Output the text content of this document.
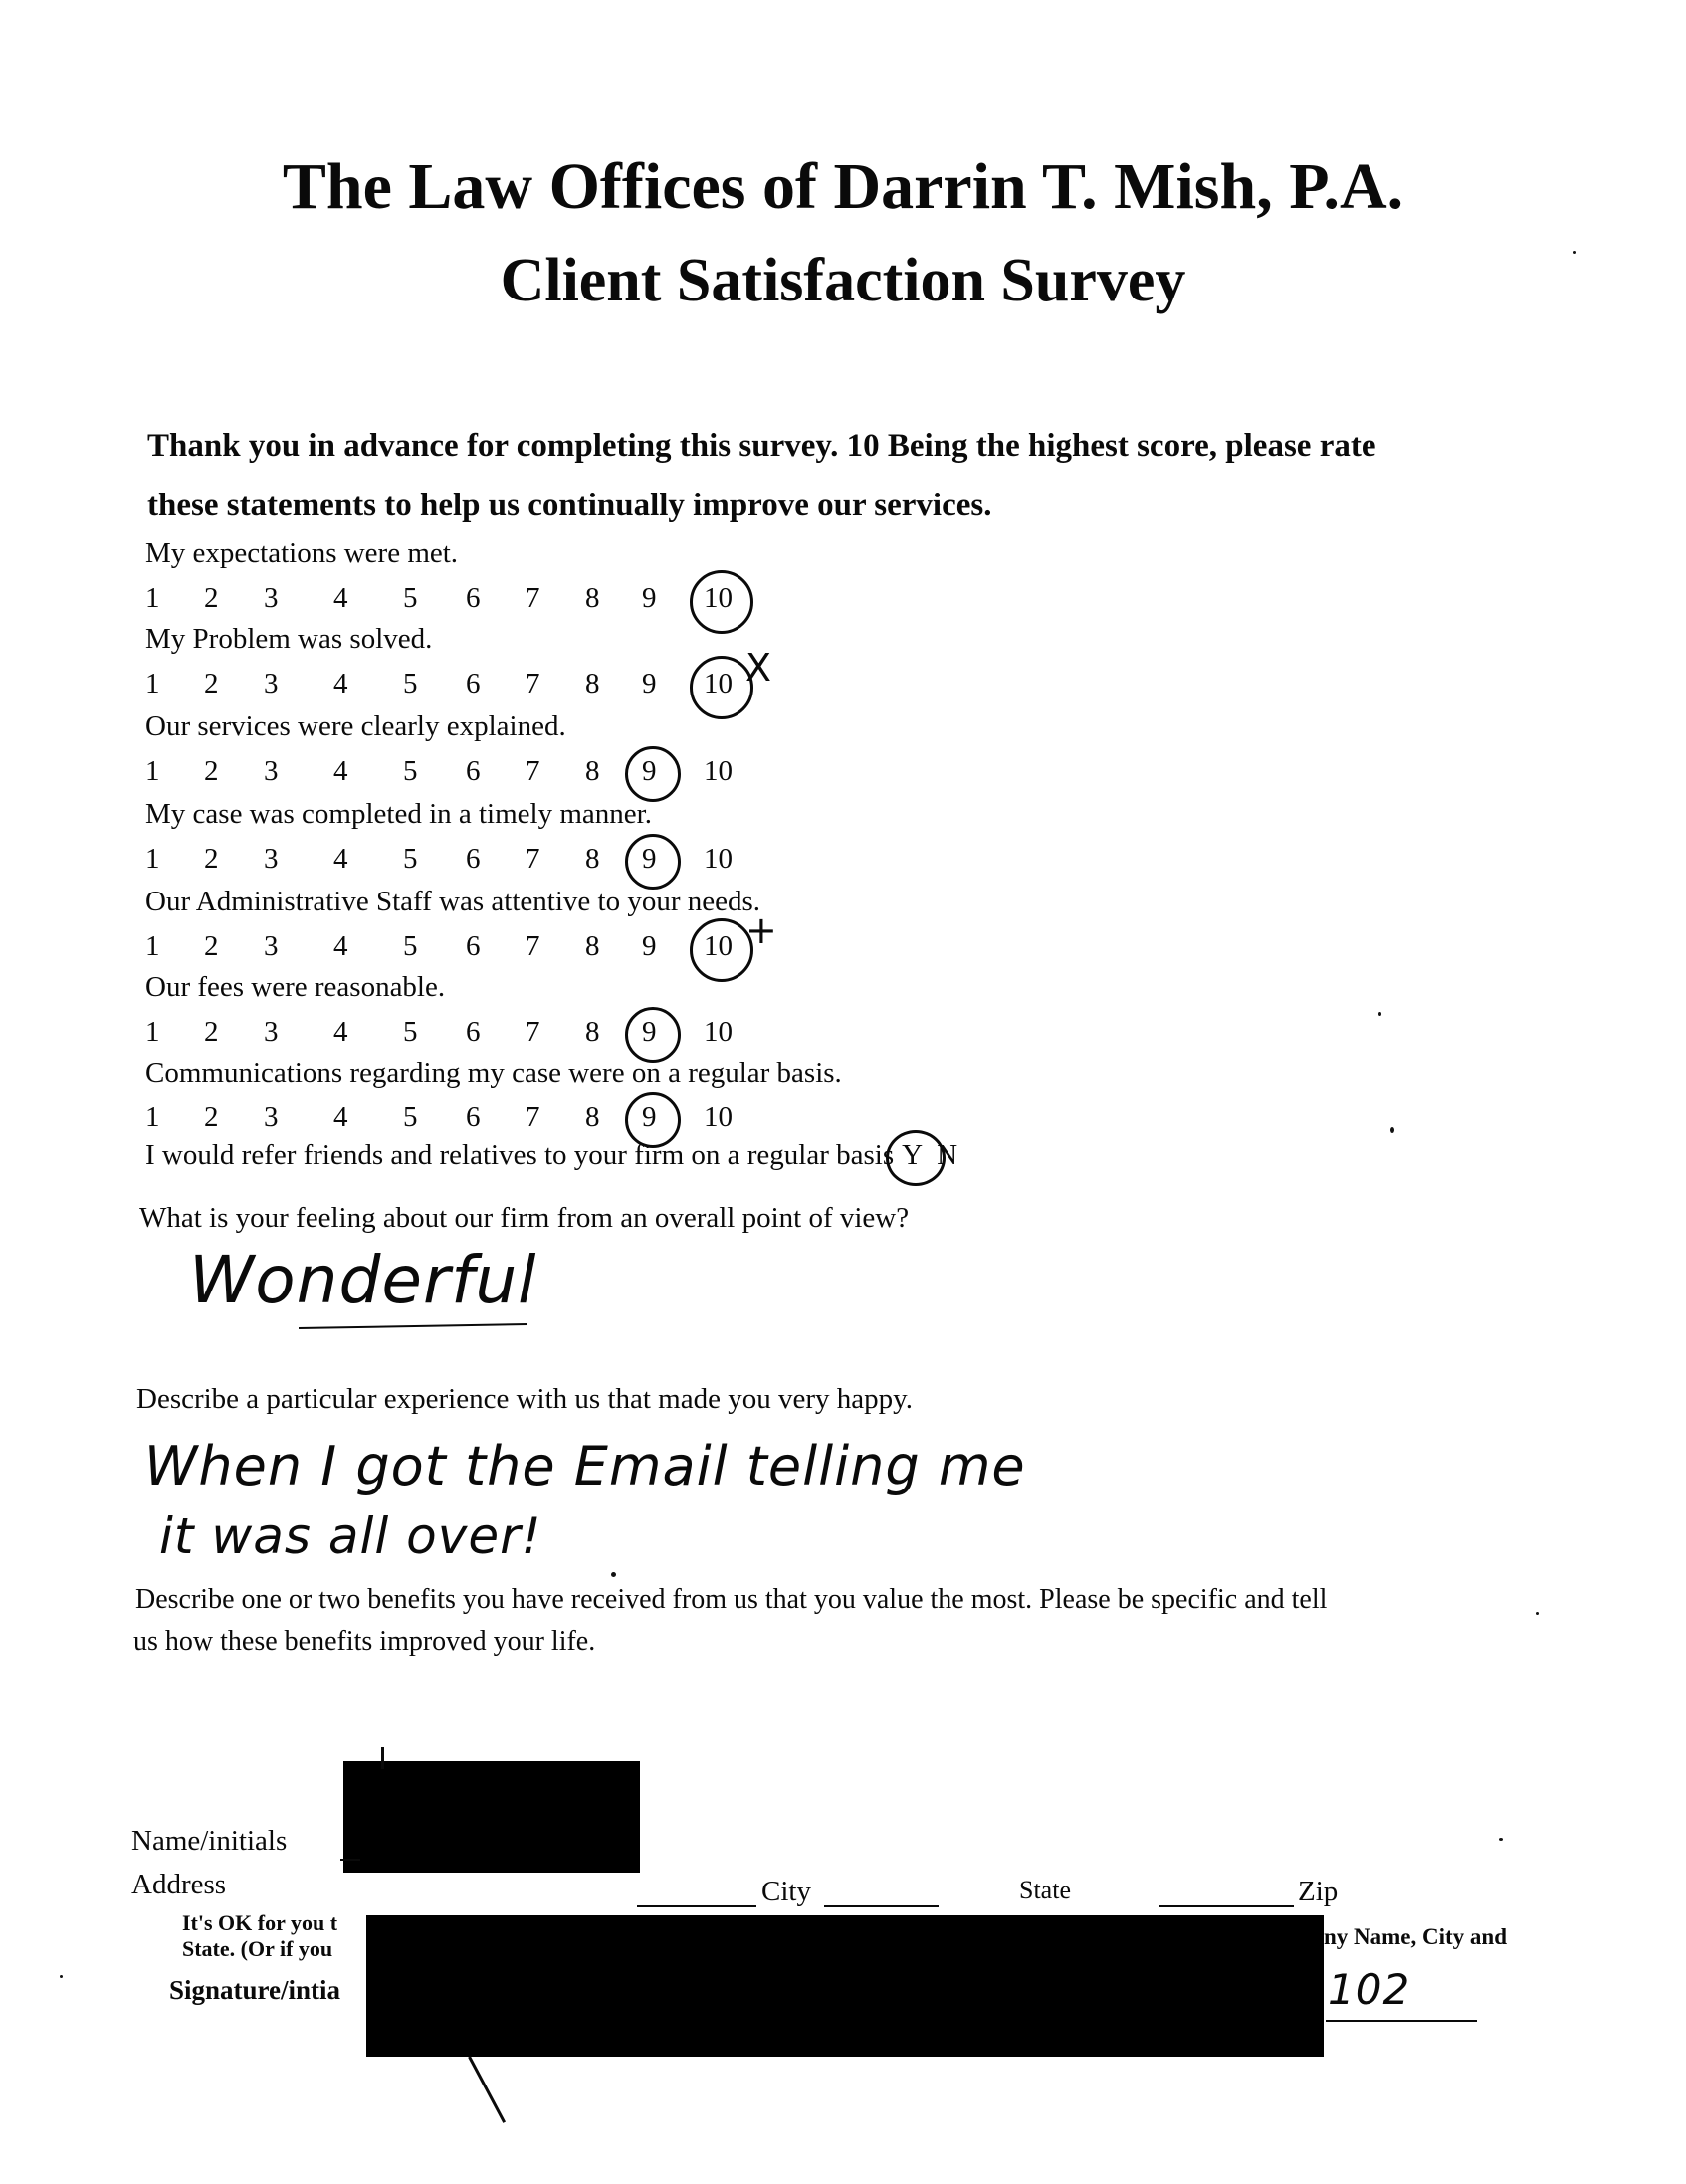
The Law Offices of Darrin T. Mish, P.A.
Client Satisfaction Survey
Thank you in advance for completing this survey. 10 Being the highest score, please rate
these statements to help us continually improve our services.
My expectations were met.
1 2 3 4 5 6 7 8 9 10
My Problem was solved.
1 2 3 4 5 6 7 8 9 10 X
Our services were clearly explained.
1 2 3 4 5 6 7 8 9 10
My case was completed in a timely manner.
1 2 3 4 5 6 7 8 9 10
Our Administrative Staff was attentive to your needs.
1 2 3 4 5 6 7 8 9 10 +
Our fees were reasonable.
1 2 3 4 5 6 7 8 9 10
Communications regarding my case were on a regular basis.
1 2 3 4 5 6 7 8 9 10
I would refer friends and relatives to your firm on a regular basis Y N
What is your feeling about our firm from an overall point of view?
Wonderful
Describe a particular experience with us that made you very happy.
When I got the Email telling me
it was all over!
Describe one or two benefits you have received from us that you value the most. Please be specific and tell
us how these benefits improved your life.
Name/initials
Address	City	State	Zip
It's OK for you t
State. (Or if you	ny Name, City and
Signature/intia	102
